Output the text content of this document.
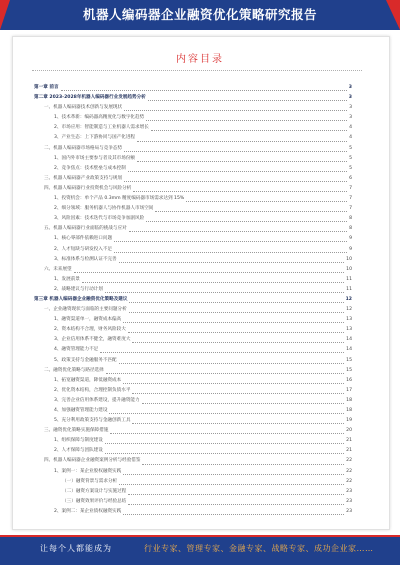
机器人编码器企业融资优化策略研究报告
内容目录
第一章 前言	3
第二章 2023-2028年机器人编码器行业发展趋势分析	3
一、机器人编码器技术创新与发展现状	3
1、技术革新：编码器高精度化与数字化趋势	3
2、市场应用：智能制造与工业机器人需求增长	4
3、产业生态：上下游协同与国产化进程	4
二、机器人编码器市场格局与竞争态势	5
1、国内外市场主要参与者及其市场份额	5
2、竞争焦点：技术壁垒与成本控制	5
三、机器人编码器产业政策支持与规划	6
四、机器人编码器行业投资机会与风险分析	7
1、投资机会：单个产品 0.3mm 精度编码器市场需求达到 15%	7
2、细分领域：服务机器人与协作机器人市场空间	7
3、风险因素：技术迭代与市场竞争加剧风险	8
五、机器人编码器行业面临的挑战与应对	8
1、核心零部件依赖进口问题	9
2、人才短缺与研发投入不足	9
3、标准体系与检测认证不完善	10
六、未来展望	10
1、发展前景	11
2、战略建议与行动计划	11
第三章 机器人编码器企业融资优化策略及建议	12
一、企业融资现状与面临的主要问题分析	12
1、融资渠道单一，融资成本偏高	13
2、资本结构不合理，财务风险较大	13
3、企业信用体系不健全，融资难度大	14
4、融资管理能力不足	14
5、政策支持与金融服务不匹配	15
二、融资优化策略与路径选择	15
1、拓宽融资渠道，降低融资成本	16
2、优化资本结构，合理控制负债水平	17
3、完善企业信用体系建设，提升融资能力	18
4、加强融资管理能力建设	18
5、充分利用政策支持与金融创新工具	19
三、融资优化策略实施保障措施	20
1、组织保障与制度建设	21
2、人才保障与团队建设	21
四、机器人编码器企业融资案例分析与经验借鉴	22
1、案例一：某企业股权融资实践	22
（一）融资背景与需求分析	22
（二）融资方案设计与实施过程	23
（三）融资效果评价与经验总结	23
2、案例二：某企业债权融资实践	23
让每个人都能成为	行业专家、管理专家、金融专家、战略专家、成功企业家……
